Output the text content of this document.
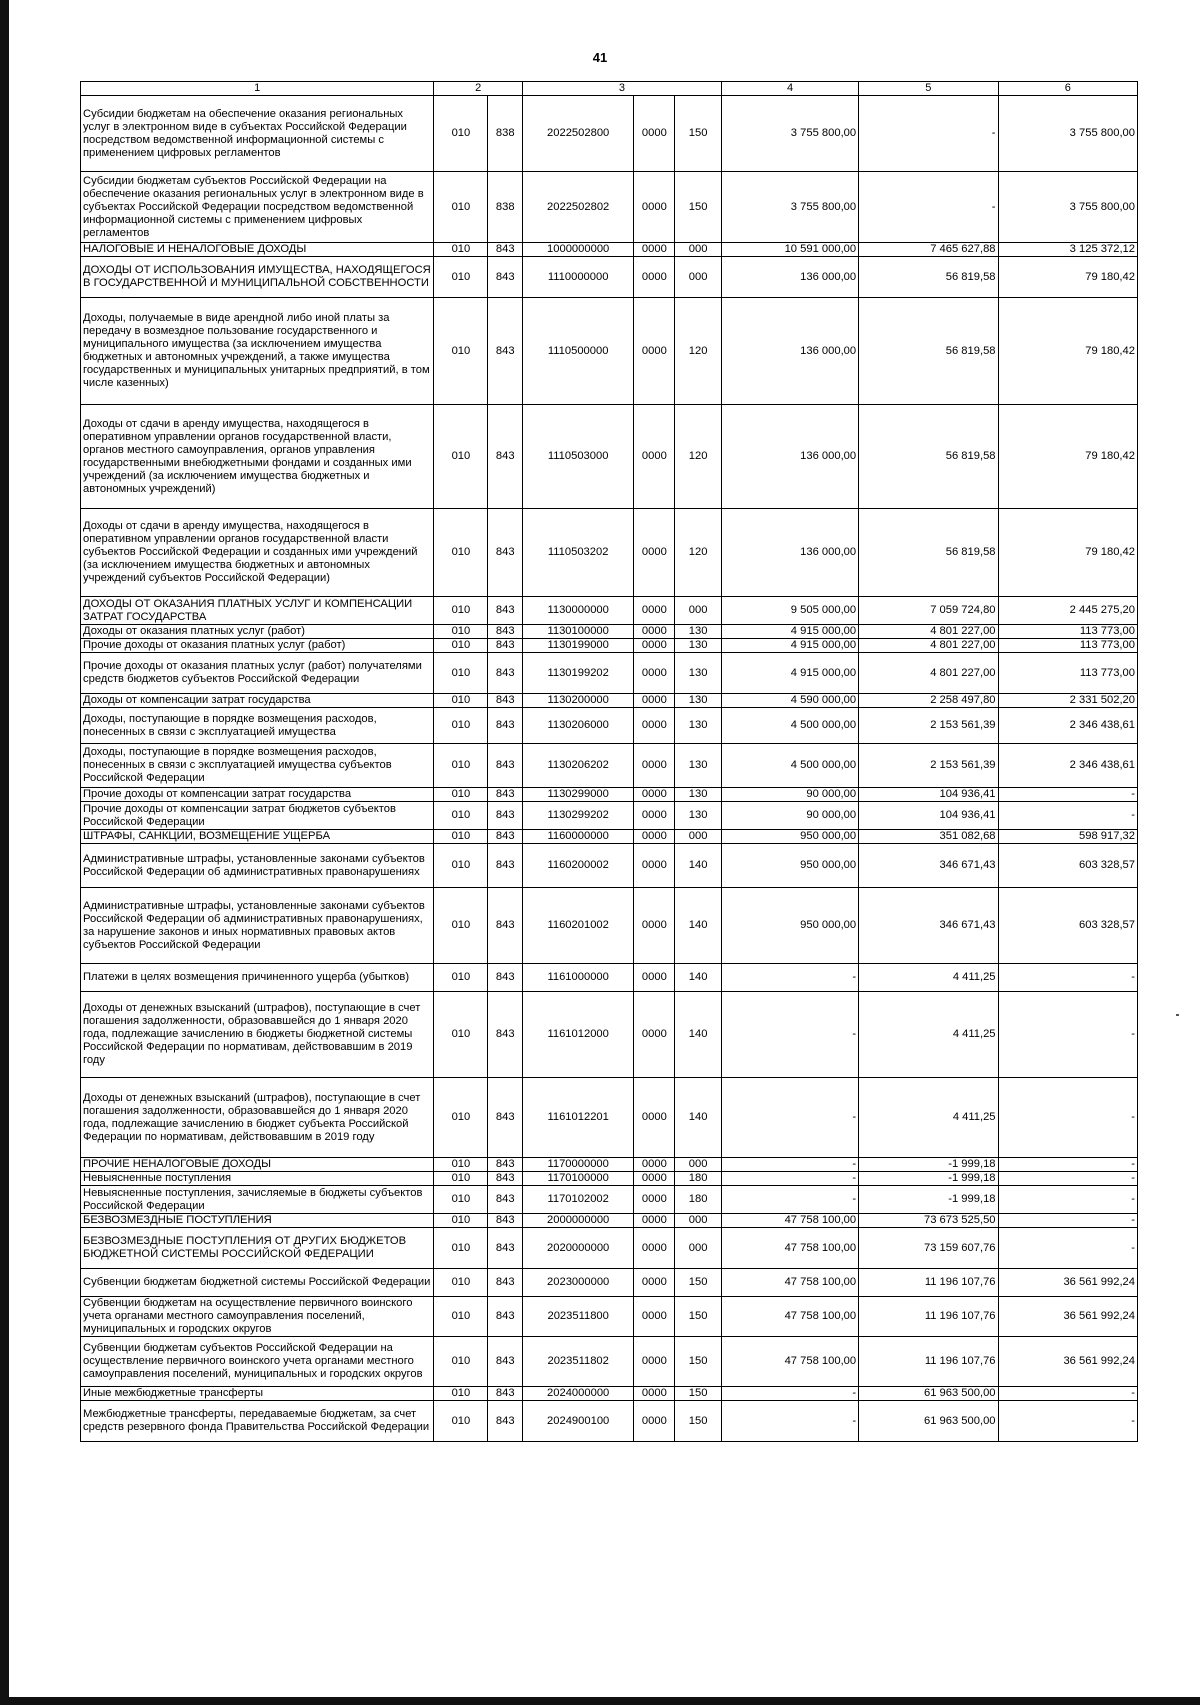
41
1	2		3			4	5	6
Субсидии бюджетам на обеспечение оказания региональных услуг в электронном виде в субъектах Российской Федерации посредством ведомственной информационной системы с применением цифровых регламентов	010	838	2022502800	0000	150	3 755 800,00	-	3 755 800,00
Субсидии бюджетам субъектов Российской Федерации на обеспечение оказания региональных услуг в электронном виде в субъектах Российской Федерации посредством ведомственной информационной системы с применением цифровых регламентов	010	838	2022502802	0000	150	3 755 800,00	-	3 755 800,00
НАЛОГОВЫЕ И НЕНАЛОГОВЫЕ ДОХОДЫ	010	843	1000000000	0000	000	10 591 000,00	7 465 627,88	3 125 372,12
ДОХОДЫ ОТ ИСПОЛЬЗОВАНИЯ ИМУЩЕСТВА, НАХОДЯЩЕГОСЯ В ГОСУДАРСТВЕННОЙ И МУНИЦИПАЛЬНОЙ СОБСТВЕННОСТИ	010	843	1110000000	0000	000	136 000,00	56 819,58	79 180,42
Доходы, получаемые в виде арендной либо иной платы за передачу в возмездное пользование государственного и муниципального имущества (за исключением имущества бюджетных и автономных учреждений, а также имущества государственных и муниципальных унитарных предприятий, в том числе казенных)	010	843	1110500000	0000	120	136 000,00	56 819,58	79 180,42
Доходы от сдачи в аренду имущества, находящегося в оперативном управлении органов государственной власти, органов местного самоуправления, органов управления государственными внебюджетными фондами и созданных ими учреждений (за исключением имущества бюджетных и автономных учреждений)	010	843	1110503000	0000	120	136 000,00	56 819,58	79 180,42
Доходы от сдачи в аренду имущества, находящегося в оперативном управлении органов государственной власти субъектов Российской Федерации и созданных ими учреждений (за исключением имущества бюджетных и автономных учреждений субъектов Российской Федерации)	010	843	1110503202	0000	120	136 000,00	56 819,58	79 180,42
ДОХОДЫ ОТ ОКАЗАНИЯ ПЛАТНЫХ УСЛУГ И КОМПЕНСАЦИИ ЗАТРАТ ГОСУДАРСТВА	010	843	1130000000	0000	000	9 505 000,00	7 059 724,80	2 445 275,20
Доходы от оказания платных услуг (работ)	010	843	1130100000	0000	130	4 915 000,00	4 801 227,00	113 773,00
Прочие доходы от оказания платных услуг (работ)	010	843	1130199000	0000	130	4 915 000,00	4 801 227,00	113 773,00
Прочие доходы от оказания платных услуг (работ) получателями средств бюджетов субъектов Российской Федерации	010	843	1130199202	0000	130	4 915 000,00	4 801 227,00	113 773,00
Доходы от компенсации затрат государства	010	843	1130200000	0000	130	4 590 000,00	2 258 497,80	2 331 502,20
Доходы, поступающие в порядке возмещения расходов, понесенных в связи с эксплуатацией имущества	010	843	1130206000	0000	130	4 500 000,00	2 153 561,39	2 346 438,61
Доходы, поступающие в порядке возмещения расходов, понесенных в связи с эксплуатацией имущества субъектов Российской Федерации	010	843	1130206202	0000	130	4 500 000,00	2 153 561,39	2 346 438,61
Прочие доходы от компенсации затрат государства	010	843	1130299000	0000	130	90 000,00	104 936,41	-
Прочие доходы от компенсации затрат бюджетов субъектов Российской Федерации	010	843	1130299202	0000	130	90 000,00	104 936,41	-
ШТРАФЫ, САНКЦИИ, ВОЗМЕЩЕНИЕ УЩЕРБА	010	843	1160000000	0000	000	950 000,00	351 082,68	598 917,32
Административные штрафы, установленные законами субъектов Российской Федерации об административных правонарушениях	010	843	1160200002	0000	140	950 000,00	346 671,43	603 328,57
Административные штрафы, установленные законами субъектов Российской Федерации об административных правонарушениях, за нарушение законов и иных нормативных правовых актов субъектов Российской Федерации	010	843	1160201002	0000	140	950 000,00	346 671,43	603 328,57
Платежи в целях возмещения причиненного ущерба (убытков)	010	843	1161000000	0000	140	-	4 411,25	-
Доходы от денежных взысканий (штрафов), поступающие в счет погашения задолженности, образовавшейся до 1 января 2020 года, подлежащие зачислению в бюджеты бюджетной системы Российской Федерации по нормативам, действовавшим в 2019 году	010	843	1161012000	0000	140	-	4 411,25	-
Доходы от денежных взысканий (штрафов), поступающие в счет погашения задолженности, образовавшейся до 1 января 2020 года, подлежащие зачислению в бюджет субъекта Российской Федерации по нормативам, действовавшим в 2019 году	010	843	1161012201	0000	140	-	4 411,25	-
ПРОЧИЕ НЕНАЛОГОВЫЕ ДОХОДЫ	010	843	1170000000	0000	000	-	-1 999,18	-
Невыясненные поступления	010	843	1170100000	0000	180	-	-1 999,18	-
Невыясненные поступления, зачисляемые в бюджеты субъектов Российской Федерации	010	843	1170102002	0000	180	-	-1 999,18	-
БЕЗВОЗМЕЗДНЫЕ ПОСТУПЛЕНИЯ	010	843	2000000000	0000	000	47 758 100,00	73 673 525,50	-
БЕЗВОЗМЕЗДНЫЕ ПОСТУПЛЕНИЯ ОТ ДРУГИХ БЮДЖЕТОВ БЮДЖЕТНОЙ СИСТЕМЫ РОССИЙСКОЙ ФЕДЕРАЦИИ	010	843	2020000000	0000	000	47 758 100,00	73 159 607,76	-
Субвенции бюджетам бюджетной системы Российской Федерации	010	843	2023000000	0000	150	47 758 100,00	11 196 107,76	36 561 992,24
Субвенции бюджетам на осуществление первичного воинского учета органами местного самоуправления поселений, муниципальных и городских округов	010	843	2023511800	0000	150	47 758 100,00	11 196 107,76	36 561 992,24
Субвенции бюджетам субъектов Российской Федерации на осуществление первичного воинского учета органами местного самоуправления поселений, муниципальных и городских округов	010	843	2023511802	0000	150	47 758 100,00	11 196 107,76	36 561 992,24
Иные межбюджетные трансферты	010	843	2024000000	0000	150	-	61 963 500,00	-
Межбюджетные трансферты, передаваемые бюджетам, за счет средств резервного фонда Правительства Российской Федерации	010	843	2024900100	0000	150	-	61 963 500,00	-
